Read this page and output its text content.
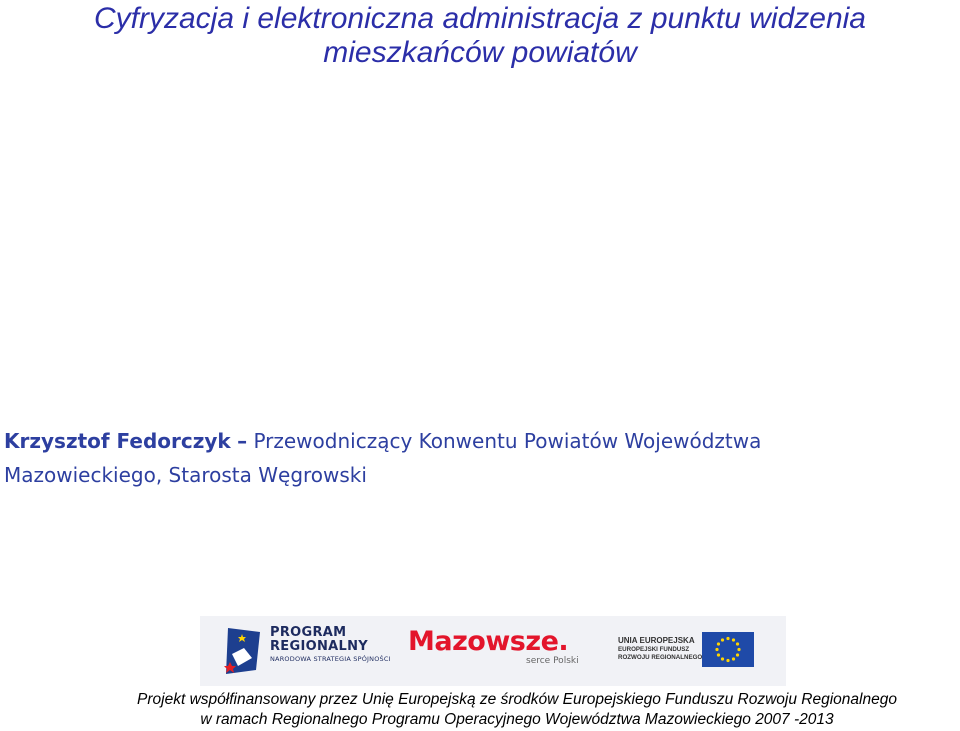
Cyfryzacja i elektroniczna administracja z punktu widzenia
mieszkańców powiatów
Krzysztof Fedorczyk – Przewodniczący Konwentu Powiatów Województwa
Mazowieckiego, Starosta Węgrowski
PROGRAM
REGIONALNY
NARODOWA STRATEGIA SPÓJNOŚCI
Mazowsze.
serce Polski
UNIA EUROPEJSKA
EUROPEJSKI FUNDUSZ
ROZWOJU REGIONALNEGO
Projekt współfinansowany przez Unię Europejską ze środków Europejskiego Funduszu Rozwoju Regionalnego
w ramach Regionalnego Programu Operacyjnego Województwa Mazowieckiego 2007 -2013
